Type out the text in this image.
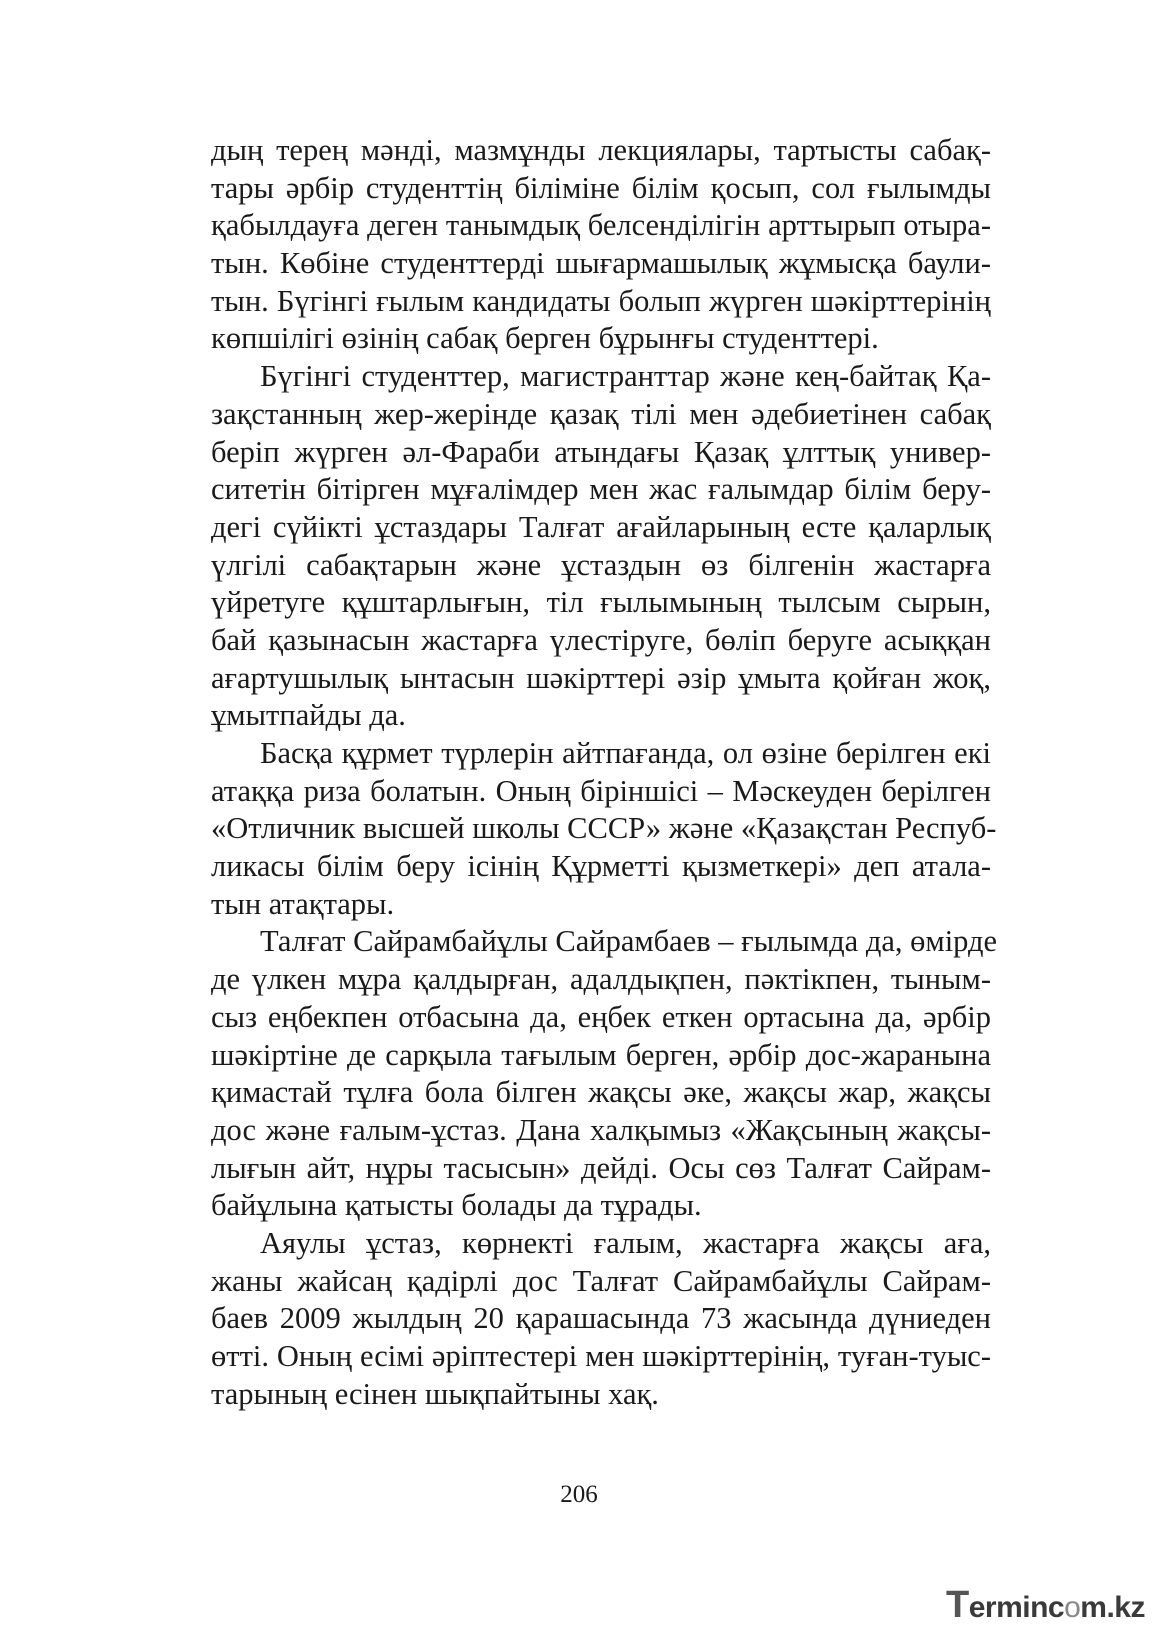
дың терең мәнді, мазмұнды лекциялары, тартысты сабақ-
тары әрбір студенттің біліміне білім қосып, сол ғылымды
қабылдауға деген танымдық белсенділігін арттырып отыра-
тын. Көбіне студенттерді шығармашылық жұмысқа баули-
тын. Бүгінгі ғылым кандидаты болып жүрген шәкірттерінің
көпшілігі өзінің сабақ берген бұрынғы студенттері.
Бүгінгі студенттер, магистранттар және кең-байтақ Қа-
зақстанның жер-жерінде қазақ тілі мен әдебиетінен сабақ
беріп жүрген әл-Фараби атындағы Қазақ ұлттық универ-
ситетін бітірген мұғалімдер мен жас ғалымдар білім беру-
дегі сүйікті ұстаздары Талғат ағайларының есте қаларлық
үлгілі сабақтарын және ұстаздын өз білгенін жастарға
үйретуге құштарлығын, тіл ғылымының тылсым сырын,
бай қазынасын жастарға үлестіруге, бөліп беруге асыққан
ағартушылық ынтасын шәкірттері әзір ұмыта қойған жоқ,
ұмытпайды да.
Басқа құрмет түрлерін айтпағанда, ол өзіне берілген екі
атаққа риза болатын. Оның біріншісі – Мәскеуден берілген
«Отличник высшей школы СССР» және «Қазақстан Респуб-
ликасы білім беру ісінің Құрметті қызметкері» деп атала-
тын атақтары.
Талғат Сайрамбайұлы Сайрамбаев – ғылымда да, өмірде
де үлкен мұра қалдырған, адалдықпен, пәктікпен, тыным-
сыз еңбекпен отбасына да, еңбек еткен ортасына да, әрбір
шәкіртіне де сарқыла тағылым берген, әрбір дос-жаранына
қимастай тұлға бола білген жақсы әке, жақсы жар, жақсы
дос және ғалым-ұстаз. Дана халқымыз «Жақсының жақсы-
лығын айт, нұры тасысын» дейді. Осы сөз Талғат Сайрам-
байұлына қатысты болады да тұрады.
Аяулы ұстаз, көрнекті ғалым, жастарға жақсы аға,
жаны жайсаң қадірлі дос Талғат Сайрамбайұлы Сайрам-
баев 2009 жылдың 20 қарашасында 73 жасында дүниеден
өтті. Оның есімі әріптестері мен шәкірттерінің, туған-туыс-
тарының есінен шықпайтыны хақ.
206
Termincom.kz
